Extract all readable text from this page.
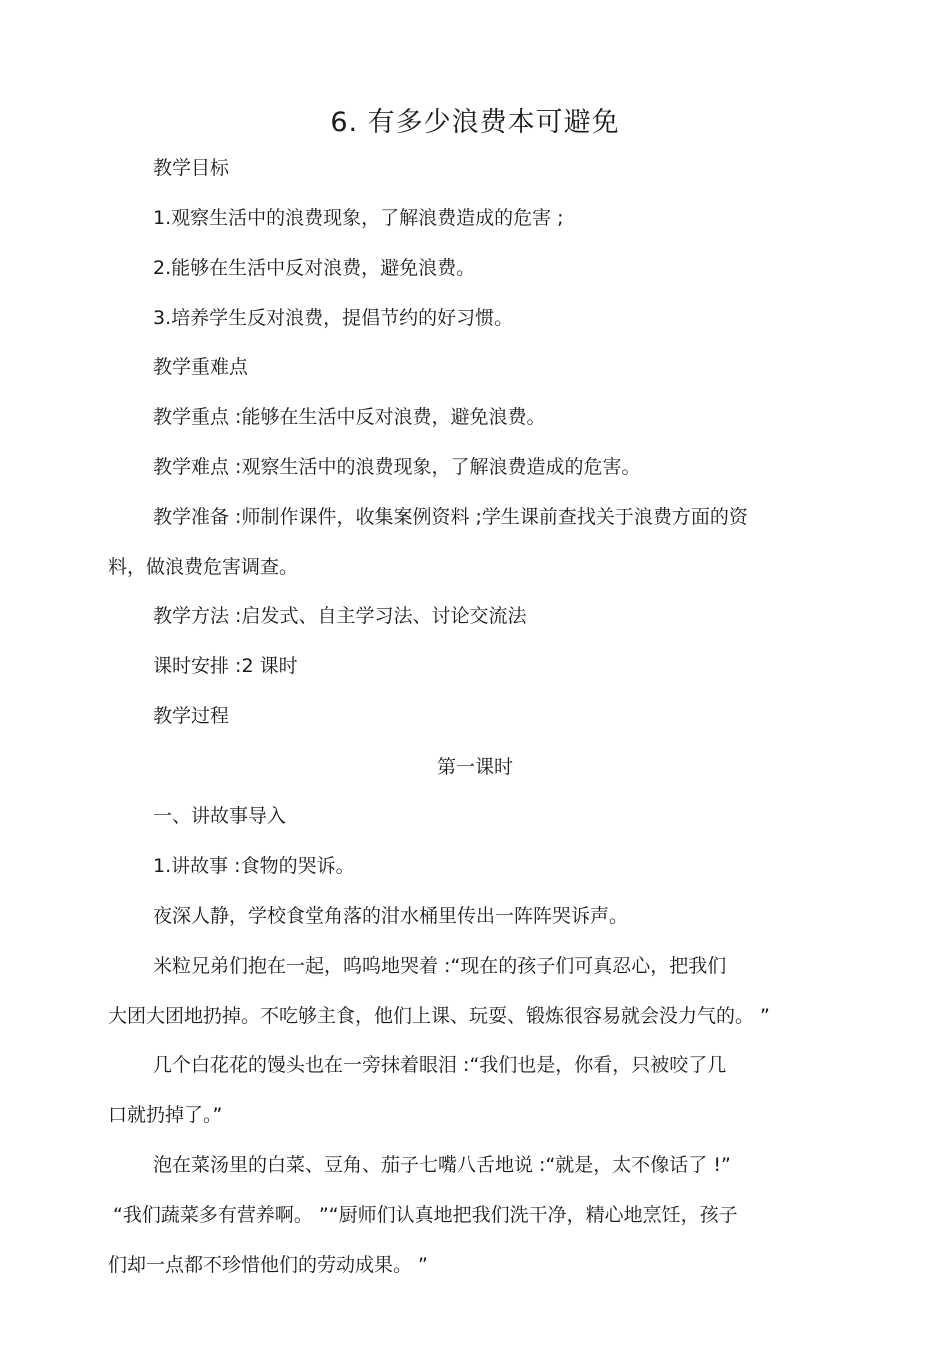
6. 有多少浪费本可避免
教学目标
1.观察生活中的浪费现象，了解浪费造成的危害 ;
2.能够在生活中反对浪费，避免浪费。
3.培养学生反对浪费，提倡节约的好习惯。
教学重难点
教学重点 :能够在生活中反对浪费，避免浪费。
教学难点 :观察生活中的浪费现象，了解浪费造成的危害。
教学准备 :师制作课件，收集案例资料 ;学生课前查找关于浪费方面的资
料，做浪费危害调查。
教学方法 :启发式、自主学习法、讨论交流法
课时安排 :2 课时
教学过程
第一课时
一、讲故事导入
1.讲故事 :食物的哭诉。
夜深人静，学校食堂角落的泔水桶里传出一阵阵哭诉声。
米粒兄弟们抱在一起，呜呜地哭着 :“现在的孩子们可真忍心，把我们
大团大团地扔掉。不吃够主食，他们上课、玩耍、锻炼很容易就会没力气的。 ”
几个白花花的馒头也在一旁抹着眼泪 :“我们也是，你看，只被咬了几
口就扔掉了。”
泡在菜汤里的白菜、豆角、茄子七嘴八舌地说 :“就是，太不像话了 !”
“我们蔬菜多有营养啊。 ”“厨师们认真地把我们洗干净，精心地烹饪，孩子
们却一点都不珍惜他们的劳动成果。 ”
